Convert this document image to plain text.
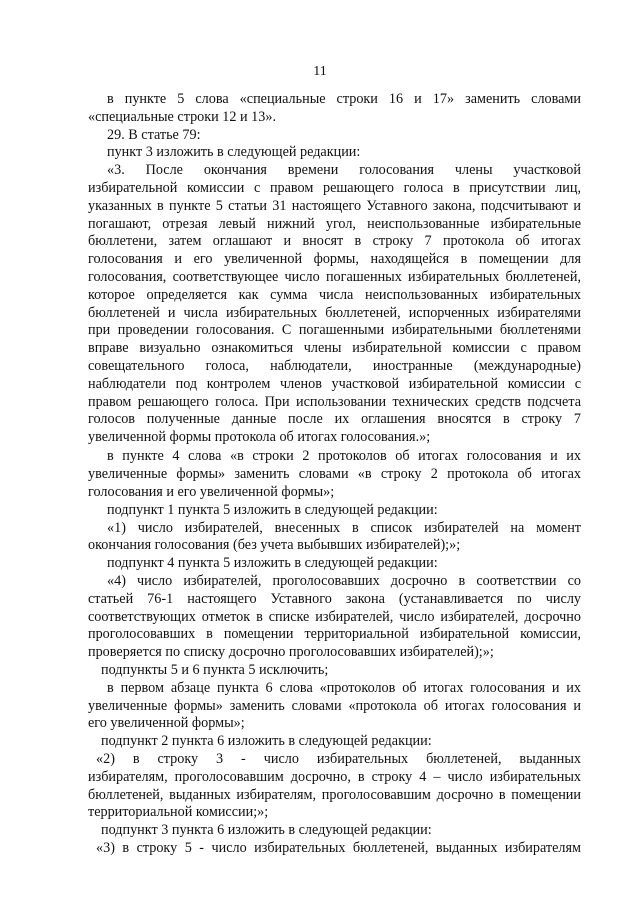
11
в пункте 5 слова «специальные строки 16 и 17» заменить словами
«специальные строки 12 и 13».
29. В статье 79:
пункт 3 изложить в следующей редакции:
«3. После окончания времени голосования члены участковой
избирательной комиссии с правом решающего голоса в присутствии лиц,
указанных в пункте 5 статьи 31 настоящего Уставного закона, подсчитывают и
погашают, отрезая левый нижний угол, неиспользованные избирательные
бюллетени, затем оглашают и вносят в строку 7 протокола об итогах
голосования и его увеличенной формы, находящейся в помещении для
голосования, соответствующее число погашенных избирательных бюллетеней,
которое определяется как сумма числа неиспользованных избирательных
бюллетеней и числа избирательных бюллетеней, испорченных избирателями
при проведении голосования. С погашенными избирательными бюллетенями
вправе визуально ознакомиться члены избирательной комиссии с правом
совещательного голоса, наблюдатели, иностранные (международные)
наблюдатели под контролем членов участковой избирательной комиссии с
правом решающего голоса. При использовании технических средств подсчета
голосов полученные данные после их оглашения вносятся в строку 7
увеличенной формы протокола об итогах голосования.»;
в пункте 4 слова «в строки 2 протоколов об итогах голосования и их
увеличенные формы» заменить словами «в строку 2 протокола об итогах
голосования и его увеличенной формы»;
подпункт 1 пункта 5 изложить в следующей редакции:
«1) число избирателей, внесенных в список избирателей на момент
окончания голосования (без учета выбывших избирателей);»;
подпункт 4 пункта 5 изложить в следующей редакции:
«4) число избирателей, проголосовавших досрочно в соответствии со
статьей 76-1 настоящего Уставного закона (устанавливается по числу
соответствующих отметок в списке избирателей, число избирателей, досрочно
проголосовавших в помещении территориальной избирательной комиссии,
проверяется по списку досрочно проголосовавших избирателей);»;
подпункты 5 и 6 пункта 5 исключить;
в первом абзаце пункта 6 слова «протоколов об итогах голосования и их
увеличенные формы» заменить словами «протокола об итогах голосования и
его увеличенной формы»;
подпункт 2 пункта 6 изложить в следующей редакции:
«2) в строку 3 - число избирательных бюллетеней, выданных
избирателям, проголосовавшим досрочно, в строку 4 – число избирательных
бюллетеней, выданных избирателям, проголосовавшим досрочно в помещении
территориальной комиссии;»;
подпункт 3 пункта 6 изложить в следующей редакции:
«3) в строку 5 - число избирательных бюллетеней, выданных избирателям
